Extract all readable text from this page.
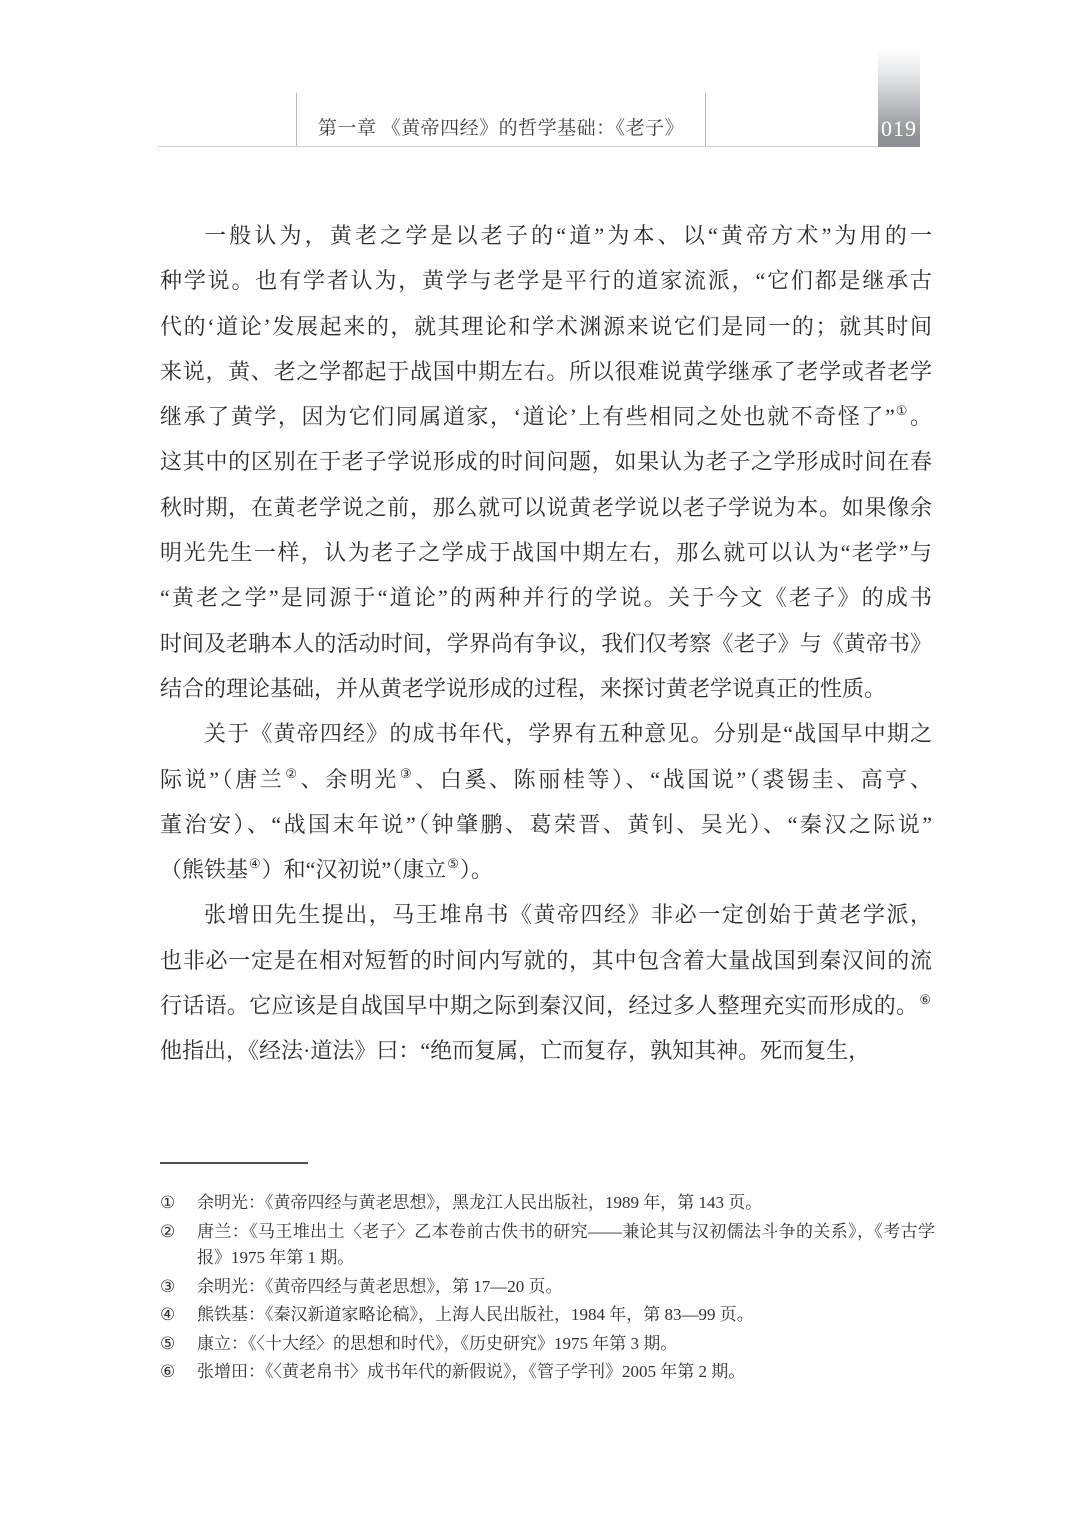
第一章 《黄帝四经》的哲学基础：《老子》	019
一般认为，黄老之学是以老子的“道”为本、以“黄帝方术”为用的一
种学说。也有学者认为，黄学与老学是平行的道家流派，“它们都是继承古
代的‘道论’发展起来的，就其理论和学术渊源来说它们是同一的；就其时间
来说，黄、老之学都起于战国中期左右。所以很难说黄学继承了老学或者老学
继承了黄学，因为它们同属道家，‘道论’上有些相同之处也就不奇怪了”①。
这其中的区别在于老子学说形成的时间问题，如果认为老子之学形成时间在春
秋时期，在黄老学说之前，那么就可以说黄老学说以老子学说为本。如果像余
明光先生一样，认为老子之学成于战国中期左右，那么就可以认为“老学”与
“黄老之学”是同源于“道论”的两种并行的学说。关于今文《老子》的成书
时间及老聃本人的活动时间，学界尚有争议，我们仅考察《老子》与《黄帝书》
结合的理论基础，并从黄老学说形成的过程，来探讨黄老学说真正的性质。
关于《黄帝四经》的成书年代，学界有五种意见。分别是“战国早中期之
际说”（唐兰②、余明光③、白奚、陈丽桂等）、“战国说”（裘锡圭、高亨、
董治安）、“战国末年说”（钟肇鹏、葛荣晋、黄钊、吴光）、“秦汉之际说”
（熊铁基④）和“汉初说”（康立⑤）。
张增田先生提出，马王堆帛书《黄帝四经》非必一定创始于黄老学派，
也非必一定是在相对短暂的时间内写就的，其中包含着大量战国到秦汉间的流
行话语。它应该是自战国早中期之际到秦汉间，经过多人整理充实而形成的。⑥
他指出，《经法·道法》曰：“绝而复属，亡而复存，孰知其神。死而复生，
①	余明光：《黄帝四经与黄老思想》，黑龙江人民出版社，1989 年，第 143 页。
②	唐兰：《马王堆出土〈老子〉乙本卷前古佚书的研究——兼论其与汉初儒法斗争的关系》，《考古学报》1975 年第 1 期。
③	余明光：《黄帝四经与黄老思想》，第 17—20 页。
④	熊铁基：《秦汉新道家略论稿》，上海人民出版社，1984 年，第 83—99 页。
⑤	康立：《〈十大经〉的思想和时代》，《历史研究》1975 年第 3 期。
⑥	张增田：《〈黄老帛书〉成书年代的新假说》，《管子学刊》2005 年第 2 期。
